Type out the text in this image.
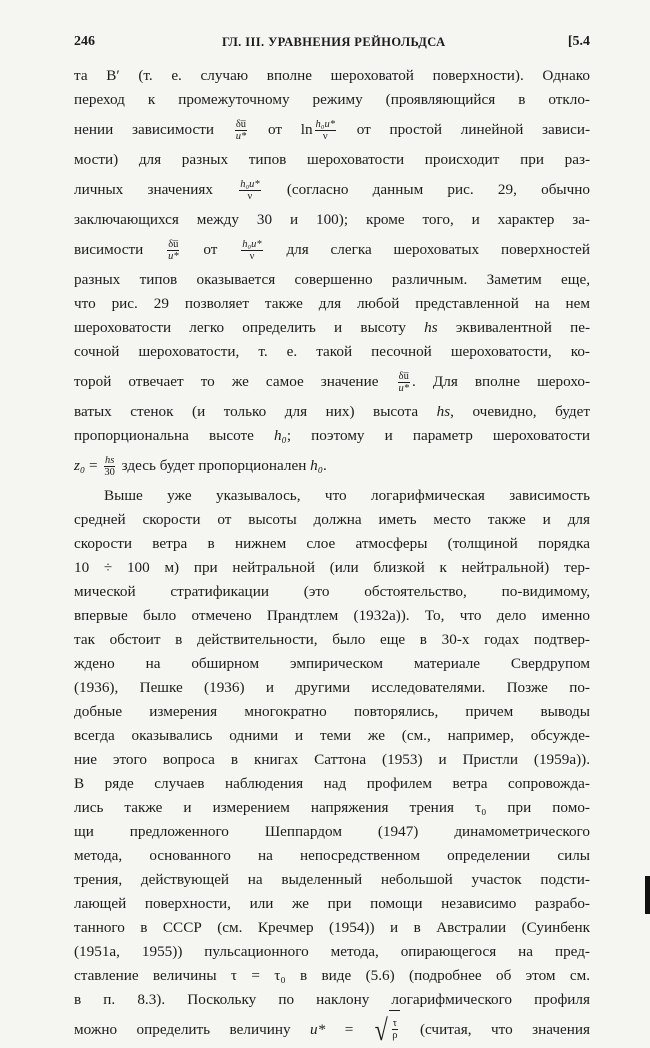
246	ГЛ. III. УРАВНЕНИЯ РЕЙНОЛЬДСА	[5.4
та B′ (т. е. случаю вполне шероховатой поверхности). Однако
переход к промежуточному режиму (проявляющийся в откло-
нении зависимости $\frac{\delta u̅}{u*}$ от $\ln \frac{\text{h₀u*}}{\nu}$ от простой линейной зависи-
мости) для разных типов шероховатости происходит при раз-
личных значениях $\frac{\text{h₀u*}}{\nu}$ (согласно данным рис. 29, обычно
заключающихся между 30 и 100); кроме того, и характер за-
висимости $\frac{\delta u̅}{u*}$ от $\frac{\text{h₀u*}}{\nu}$ для слегка шероховатых поверхностей
разных типов оказывается совершенно различным. Заметим еще,
что рис. 29 позволяет также для любой представленной на нем
шероховатости легко определить и высоту hs эквивалентной пе-
сочной шероховатости, т. е. такой песочной шероховатости, ко-
торой отвечает то же самое значение $\frac{\delta u̅}{u*}$ . Для вполне шерохо-
ватых стенок (и только для них) высота hs, очевидно, будет
пропорциональна высоте h₀; поэтому и параметр шероховатости
$z_0 = \frac{hs}{30}$ здесь будет пропорционален h₀.
Выше уже указывалось, что логарифмическая зависимость
средней скорости от высоты должна иметь место также и для
скорости ветра в нижнем слое атмосферы (толщиной порядка
10 ÷ 100 м) при нейтральной (или близкой к нейтральной) тер-
мической стратификации (это обстоятельство, по-видимому,
впервые было отмечено Прандтлем (1932а)). То, что дело именно
так обстоит в действительности, было еще в 30-х годах подтвер-
ждено на обширном эмпирическом материале Свердрупом
(1936), Пешке (1936) и другими исследователями. Позже по-
добные измерения многократно повторялись, причем выводы
всегда оказывались одними и теми же (см., например, обсужде-
ние этого вопроса в книгах Саттона (1953) и Пристли (1959а)).
В ряде случаев наблюдения над профилем ветра сопровожда-
лись также и измерением напряжения трения τ₀ при помо-
щи предложенного Шеппардом (1947) динамометрического
метода, основанного на непосредственном определении силы
трения, действующей на выделенный небольшой участок подсти-
лающей поверхности, или же при помощи независимо разрабо-
танного в СССР (см. Кречмер (1954)) и в Австралии (Суинбенк
(1951а, 1955)) пульсационного метода, опирающегося на пред-
ставление величины τ = τ₀ в виде (5.6) (подробнее об этом см.
в п. 8.3). Поскольку по наклону логарифмического профиля
можно определить величину u* = √ $\frac{\tau}{\rho}$ (считая, что значения
